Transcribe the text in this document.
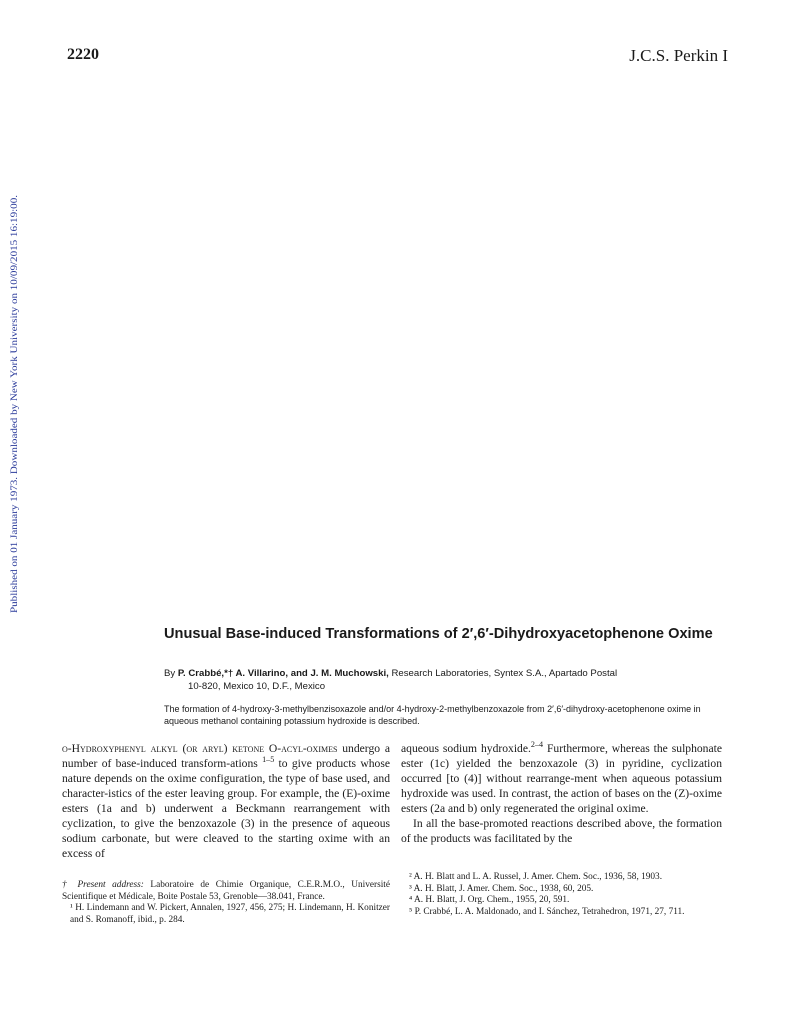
2220	J.C.S. Perkin I
Published on 01 January 1973. Downloaded by New York University on 10/09/2015 16:19:00.
Unusual Base-induced Transformations of 2′,6′-Dihydroxyacetophenone Oxime
By P. Crabbé,*† A. Villarino, and J. M. Muchowski, Research Laboratories, Syntex S.A., Apartado Postal
10-820, Mexico 10, D.F., Mexico
The formation of 4-hydroxy-3-methylbenzisoxazole and/or 4-hydroxy-2-methylbenzoxazole from 2′,6′-dihydroxy-acetophenone oxime in aqueous methanol containing potassium hydroxide is described.
o-Hydroxyphenyl alkyl (or aryl) ketone O-acyl-oximes undergo a number of base-induced transform-ations $^{1-5}$ to give products whose nature depends on the oxime configuration, the type of base used, and character-istics of the ester leaving group. For example, the (E)-oxime esters (1a and b) underwent a Beckmann rearrangement with cyclization, to give the benzoxazole (3) in the presence of aqueous sodium carbonate, but were cleaved to the starting oxime with an excess of
aqueous sodium hydroxide.$^{2-4}$ Furthermore, whereas the sulphonate ester (1c) yielded the benzoxazole (3) in pyridine, cyclization occurred [to (4)] without rearrange-ment when aqueous potassium hydroxide was used. In contrast, the action of bases on the (Z)-oxime esters (2a and b) only regenerated the original oxime.
In all the base-promoted reactions described above, the formation of the products was facilitated by the

† Present address: Laboratoire de Chimie Organique, C.E.R.M.O., Université Scientifique et Médicale, Boite Postale 53, Grenoble—38.041, France.

¹ H. Lindemann and W. Pickert, Annalen, 1927, 456, 275; H. Lindemann, H. Konitzer and S. Romanoff, ibid., p. 284.

² A. H. Blatt and L. A. Russel, J. Amer. Chem. Soc., 1936, 58, 1903.

³ A. H. Blatt, J. Amer. Chem. Soc., 1938, 60, 205.

⁴ A. H. Blatt, J. Org. Chem., 1955, 20, 591.

⁵ P. Crabbé, L. A. Maldonado, and I. Sánchez, Tetrahedron, 1971, 27, 711.
